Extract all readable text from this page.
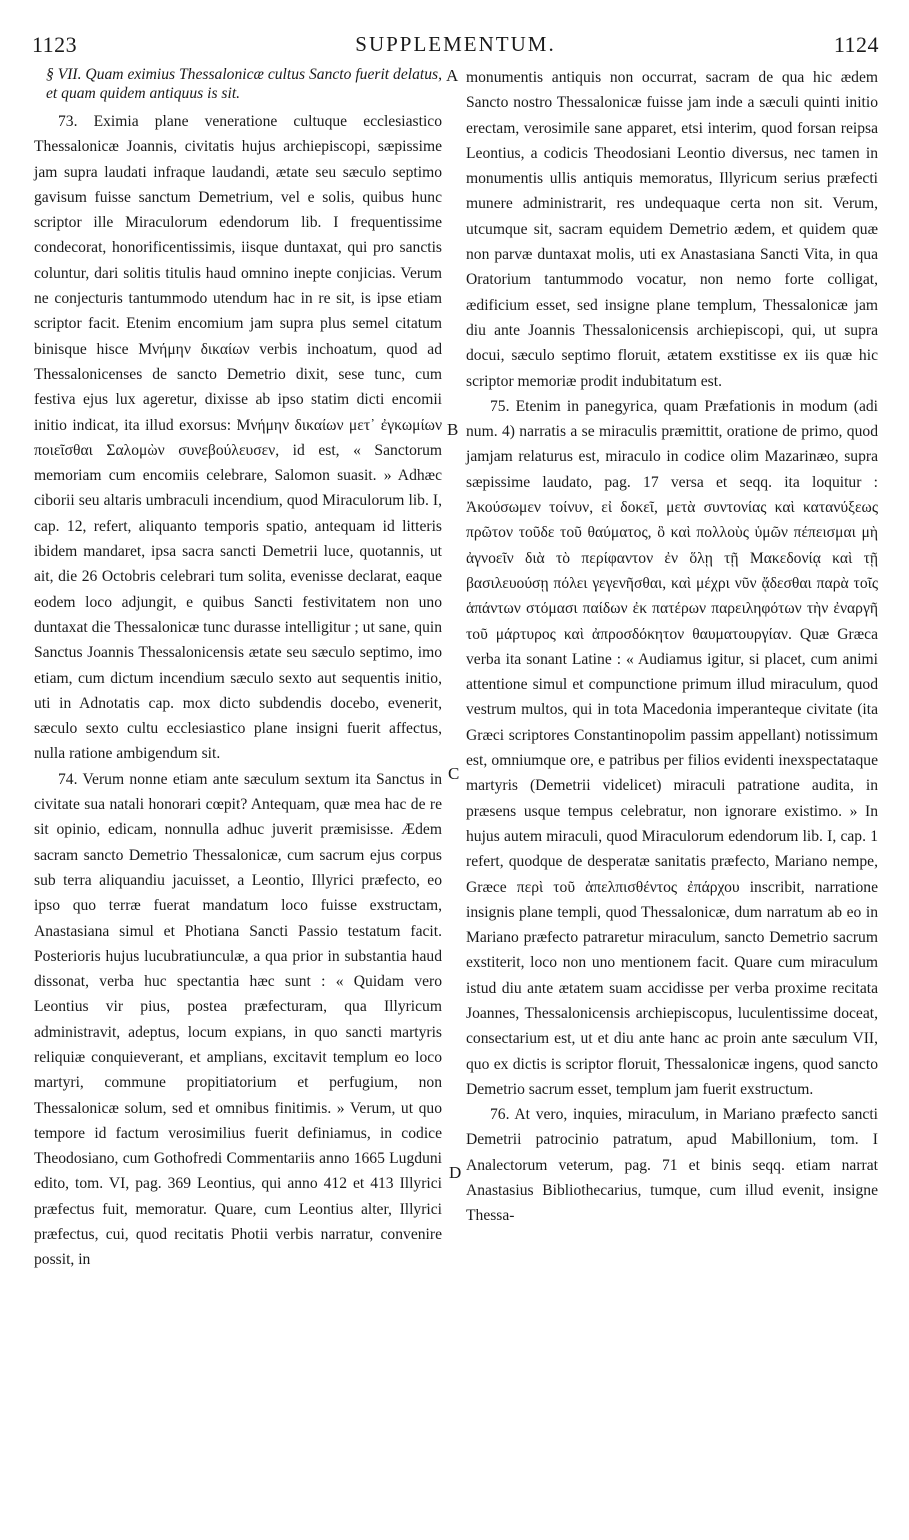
1123	SUPPLEMENTUM.	1124
A
B
C
D

§ VII. Quam eximius Thessalonicæ cultus Sancto fuerit delatus, et quam quidem antiquus is sit.

73. Eximia plane veneratione cultuque ecclesiastico Thessalonicæ Joannis, civitatis hujus archiepiscopi, sæpissime jam supra laudati infraque laudandi, ætate seu sæculo septimo gavisum fuisse sanctum Demetrium, vel e solis, quibus hunc scriptor ille Miraculorum edendorum lib. I frequentissime condecorat, honorificentissimis, iisque duntaxat, qui pro sanctis coluntur, dari solitis titulis haud omnino inepte conjicias. Verum ne conjecturis tantummodo utendum hac in re sit, is ipse etiam scriptor facit. Etenim encomium jam supra plus semel citatum binisque hisce Μνήμην δικαίων verbis inchoatum, quod ad Thessalonicenses de sancto Demetrio dixit, sese tunc, cum festiva ejus lux ageretur, dixisse ab ipso statim dicti encomii initio indicat, ita illud exorsus: Μνήμην δικαίων μετ᾽ ἐγκωμίων ποιεῖσθαι Σαλομὼν συνεβούλευσεν, id est, « Sanctorum memoriam cum encomiis celebrare, Salomon suasit. » Adhæc ciborii seu altaris umbraculi incendium, quod Miraculorum lib. I, cap. 12, refert, aliquanto temporis spatio, antequam id litteris ibidem mandaret, ipsa sacra sancti Demetrii luce, quotannis, ut ait, die 26 Octobris celebrari tum solita, evenisse declarat, eaque eodem loco adjungit, e quibus Sancti festivitatem non uno duntaxat die Thessalonicæ tunc durasse intelligitur ; ut sane, quin Sanctus Joannis Thessalonicensis ætate seu sæculo septimo, imo etiam, cum dictum incendium sæculo sexto aut sequentis initio, uti in Adnotatis cap. mox dicto subdendis docebo, evenerit, sæculo sexto cultu ecclesiastico plane insigni fuerit affectus, nulla ratione ambigendum sit.

74. Verum nonne etiam ante sæculum sextum ita Sanctus in civitate sua natali honorari cœpit? Antequam, quæ mea hac de re sit opinio, edicam, nonnulla adhuc juverit præmisisse. Ædem sacram sancto Demetrio Thessalonicæ, cum sacrum ejus corpus sub terra aliquandiu jacuisset, a Leontio, Illyrici præfecto, eo ipso quo terræ fuerat mandatum loco fuisse exstructam, Anastasiana simul et Photiana Sancti Passio testatum facit. Posterioris hujus lucubratiunculæ, a qua prior in substantia haud dissonat, verba huc spectantia hæc sunt : « Quidam vero Leontius vir pius, postea præfecturam, qua Illyricum administravit, adeptus, locum expians, in quo sancti martyris reliquiæ conquieverant, et amplians, excitavit templum eo loco martyri, commune propitiatorium et perfugium, non Thessalonicæ solum, sed et omnibus finitimis. » Verum, ut quo tempore id factum verosimilius fuerit definiamus, in codice Theodosiano, cum Gothofredi Commentariis anno 1665 Lugduni edito, tom. VI, pag. 369 Leontius, qui anno 412 et 413 Illyrici præfectus fuit, memoratur. Quare, cum Leontius alter, Illyrici præfectus, cui, quod recitatis Photii verbis narratur, convenire possit, in

monumentis antiquis non occurrat, sacram de qua hic ædem Sancto nostro Thessalonicæ fuisse jam inde a sæculi quinti initio erectam, verosimile sane apparet, etsi interim, quod forsan reipsa Leontius, a codicis Theodosiani Leontio diversus, nec tamen in monumentis ullis antiquis memoratus, Illyricum serius præfecti munere administrarit, res undequaque certa non sit. Verum, utcumque sit, sacram equidem Demetrio ædem, et quidem quæ non parvæ duntaxat molis, uti ex Anastasiana Sancti Vita, in qua Oratorium tantummodo vocatur, non nemo forte colligat, ædificium esset, sed insigne plane templum, Thessalonicæ jam diu ante Joannis Thessalonicensis archiepiscopi, qui, ut supra docui, sæculo septimo floruit, ætatem exstitisse ex iis quæ hic scriptor memoriæ prodit indubitatum est.

75. Etenim in panegyrica, quam Præfationis in modum (adi num. 4) narratis a se miraculis præmittit, oratione de primo, quod jamjam relaturus est, miraculo in codice olim Mazarinæo, supra sæpissime laudato, pag. 17 versa et seqq. ita loquitur : Ἀκούσωμεν τοίνυν, εἰ δοκεῖ, μετὰ συντονίας καὶ κατανύξεως πρῶτον τοῦδε τοῦ θαύματος, ὃ καὶ πολλοὺς ὑμῶν πέπεισμαι μὴ ἀγνοεῖν διὰ τὸ περίφαντον ἐν ὅλῃ τῇ Μακεδονίᾳ καὶ τῇ βασιλευούσῃ πόλει γεγενῆσθαι, καὶ μέχρι νῦν ᾄδεσθαι παρὰ τοῖς ἁπάντων στόμασι παίδων ἐκ πατέρων παρειληφότων τὴν ἐναργῆ τοῦ μάρτυρος καὶ ἀπροσδόκητον θαυματουργίαν. Quæ Græca verba ita sonant Latine : « Audiamus igitur, si placet, cum animi attentione simul et compunctione primum illud miraculum, quod vestrum multos, qui in tota Macedonia imperanteque civitate (ita Græci scriptores Constantinopolim passim appellant) notissimum est, omniumque ore, e patribus per filios evidenti inexspectataque martyris (Demetrii videlicet) miraculi patratione audita, in præsens usque tempus celebratur, non ignorare existimo. » In hujus autem miraculi, quod Miraculorum edendorum lib. I, cap. 1 refert, quodque de desperatæ sanitatis præfecto, Mariano nempe, Græce περὶ τοῦ ἀπελπισθέντος ἐπάρχου inscribit, narratione insignis plane templi, quod Thessalonicæ, dum narratum ab eo in Mariano præfecto patraretur miraculum, sancto Demetrio sacrum exstiterit, loco non uno mentionem facit. Quare cum miraculum istud diu ante ætatem suam accidisse per verba proxime recitata Joannes, Thessalonicensis archiepiscopus, luculentissime doceat, consectarium est, ut et diu ante hanc ac proin ante sæculum VII, quo ex dictis is scriptor floruit, Thessalonicæ ingens, quod sancto Demetrio sacrum esset, templum jam fuerit exstructum.

76. At vero, inquies, miraculum, in Mariano præfecto sancti Demetrii patrocinio patratum, apud Mabillonium, tom. I Analectorum veterum, pag. 71 et binis seqq. etiam narrat Anastasius Bibliothecarius, tumque, cum illud evenit, insigne Thessa-
